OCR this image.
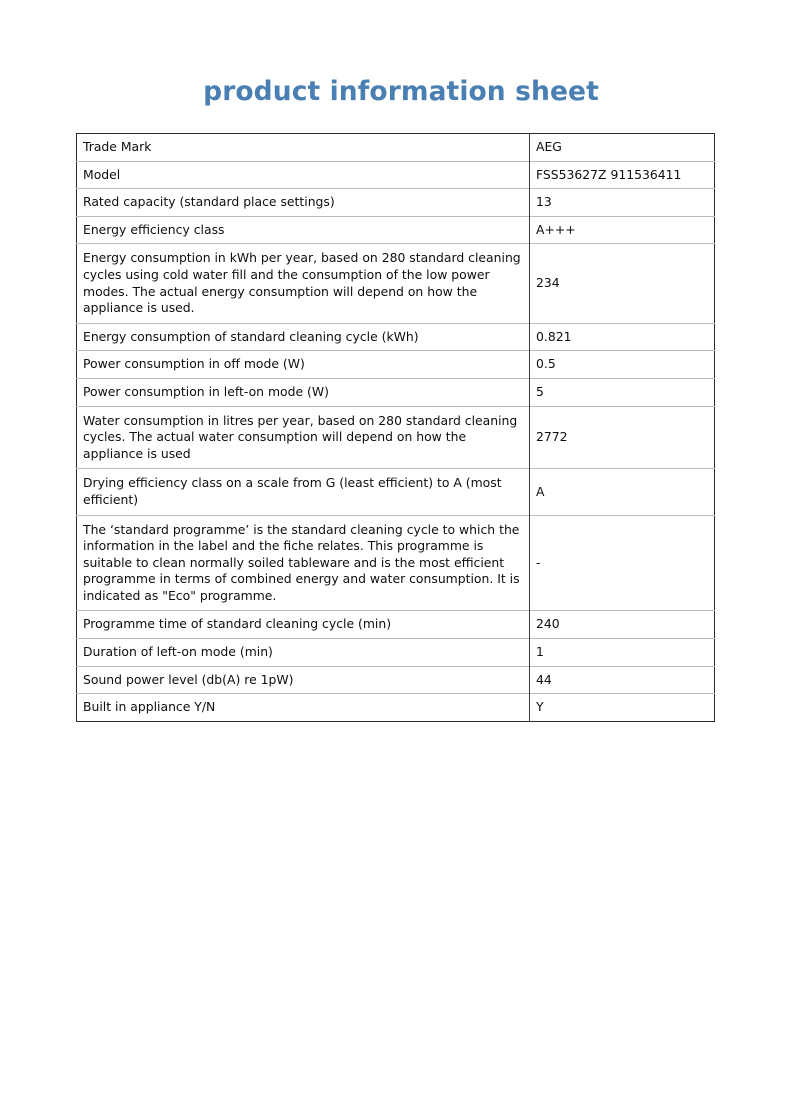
product information sheet
Trade Mark	AEG
Model	FSS53627Z 911536411
Rated capacity (standard place settings)	13
Energy efficiency class	A+++
Energy consumption in kWh per year, based on 280 standard cleaning cycles using cold water fill and the consumption of the low power modes. The actual energy consumption will depend on how the appliance is used.	234
Energy consumption of standard cleaning cycle (kWh)	0.821
Power consumption in off mode (W)	0.5
Power consumption in left-on mode (W)	5
Water consumption in litres per year, based on 280 standard cleaning cycles. The actual water consumption will depend on how the appliance is used	2772
Drying efficiency class on a scale from G (least efficient) to A (most efficient)	A
The ‘standard programme’ is the standard cleaning cycle to which the information in the label and the fiche relates. This programme is suitable to clean normally soiled tableware and is the most efficient programme in terms of combined energy and water consumption. It is indicated as "Eco" programme.	-
Programme time of standard cleaning cycle (min)	240
Duration of left-on mode (min)	1
Sound power level (db(A) re 1pW)	44
Built in appliance Y/N	Y
